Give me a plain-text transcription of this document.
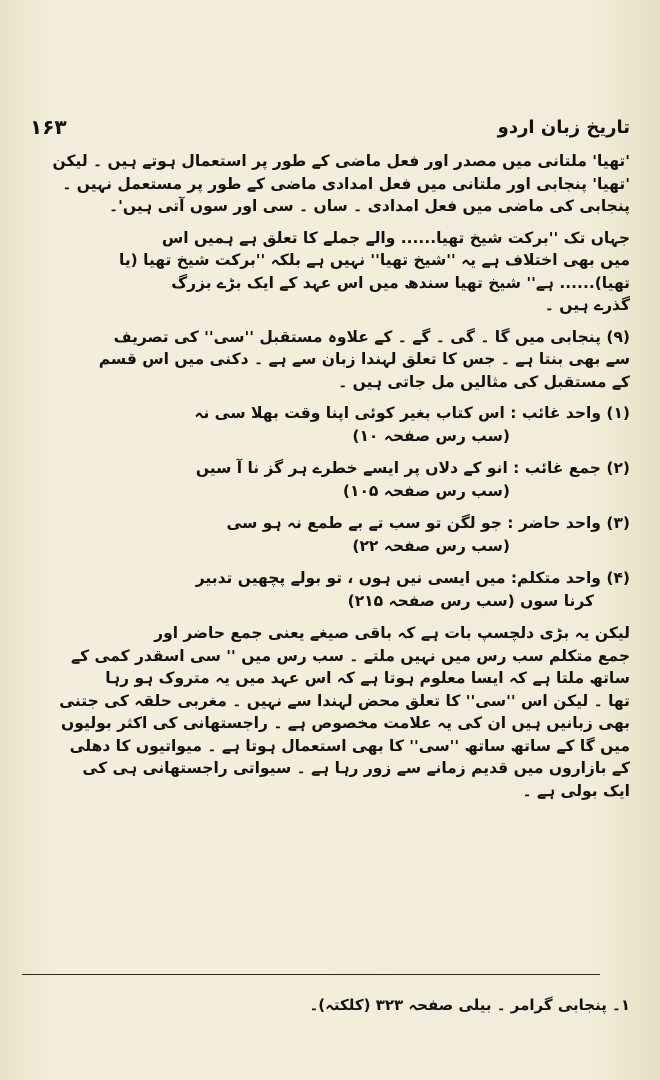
۱۶۳	تاریخ زبان اردو
'تھیا' ملتانی میں مصدر اور فعل ماضی کے طور پر استعمال ہوتے ہیں ۔ لیکن
'تھیا' پنجابی اور ملتانی میں فعل امدادی ماضی کے طور پر مستعمل نہیں ۔
پنجابی کی ماضی میں فعل امدادی ۔ ساں ۔ سی اور سوں آتی ہیں'۔
جہاں تک ''برکت شیخ تھیا...... والے جملے کا تعلق ہے ہمیں اس
میں بھی اختلاف ہے یہ ''شیخ تھیا'' نہیں ہے بلکہ ''برکت شیخ تھیا (یا
تھیا)...... ہے'' شیخ تھیا سندھ میں اس عہد کے ایک بڑے بزرگ
گذرے ہیں ۔
(۹) پنجابی میں گا ۔ گی ۔ گے ۔ کے علاوہ مستقبل ''سی'' کی تصریف
سے بھی بنتا ہے ۔ جس کا تعلق لہندا زبان سے ہے ۔ دکنی میں اس قسم
کے مستقبل کی مثالیں مل جاتی ہیں ۔
(۱) واحد غائب : اس کتاب بغیر کوئی اپنا وقت بھلا سی نہ
(سب رس صفحہ ۱۰)
(۲) جمع غائب : انو کے دلاں پر ایسے خطرے ہر گز نا آ سیں
(سب رس صفحہ ۱۰۵)
(۳) واحد حاضر : جو لگن تو سب تے بے طمع نہ ہو سی
(سب رس صفحہ ۲۲)
(۴) واحد متکلم: میں ایسی نیں ہوں ، تو بولے پچھیں تدبیر
کرنا سوں (سب رس صفحہ ۲۱۵)
لیکن یہ بڑی دلچسپ بات ہے کہ باقی صیغے یعنی جمع حاضر اور
جمع متکلم سب رس میں نہیں ملتے ۔ سب رس میں '' سی اسقدر کمی کے
ساتھ ملتا ہے کہ ایسا معلوم ہوتا ہے کہ اس عہد میں یہ متروک ہو رہا
تھا ۔ لیکن اس ''سی'' کا تعلق محض لہندا سے نہیں ۔ مغربی حلقہ کی جتنی
بھی زبانیں ہیں ان کی یہ علامت مخصوص ہے ۔ راجستھانی کی اکثر بولیوں
میں گا کے ساتھ ساتھ ''سی'' کا بھی استعمال ہوتا ہے ۔ میواتیوں کا دھلی
کے بازاروں میں قدیم زمانے سے زور رہا ہے ۔ سیواتی راجستھانی ہی کی
ایک بولی ہے ۔
۱۔ پنجابی گرامر ۔ بیلی صفحہ ۳۲۳ (کلکتہ)۔
